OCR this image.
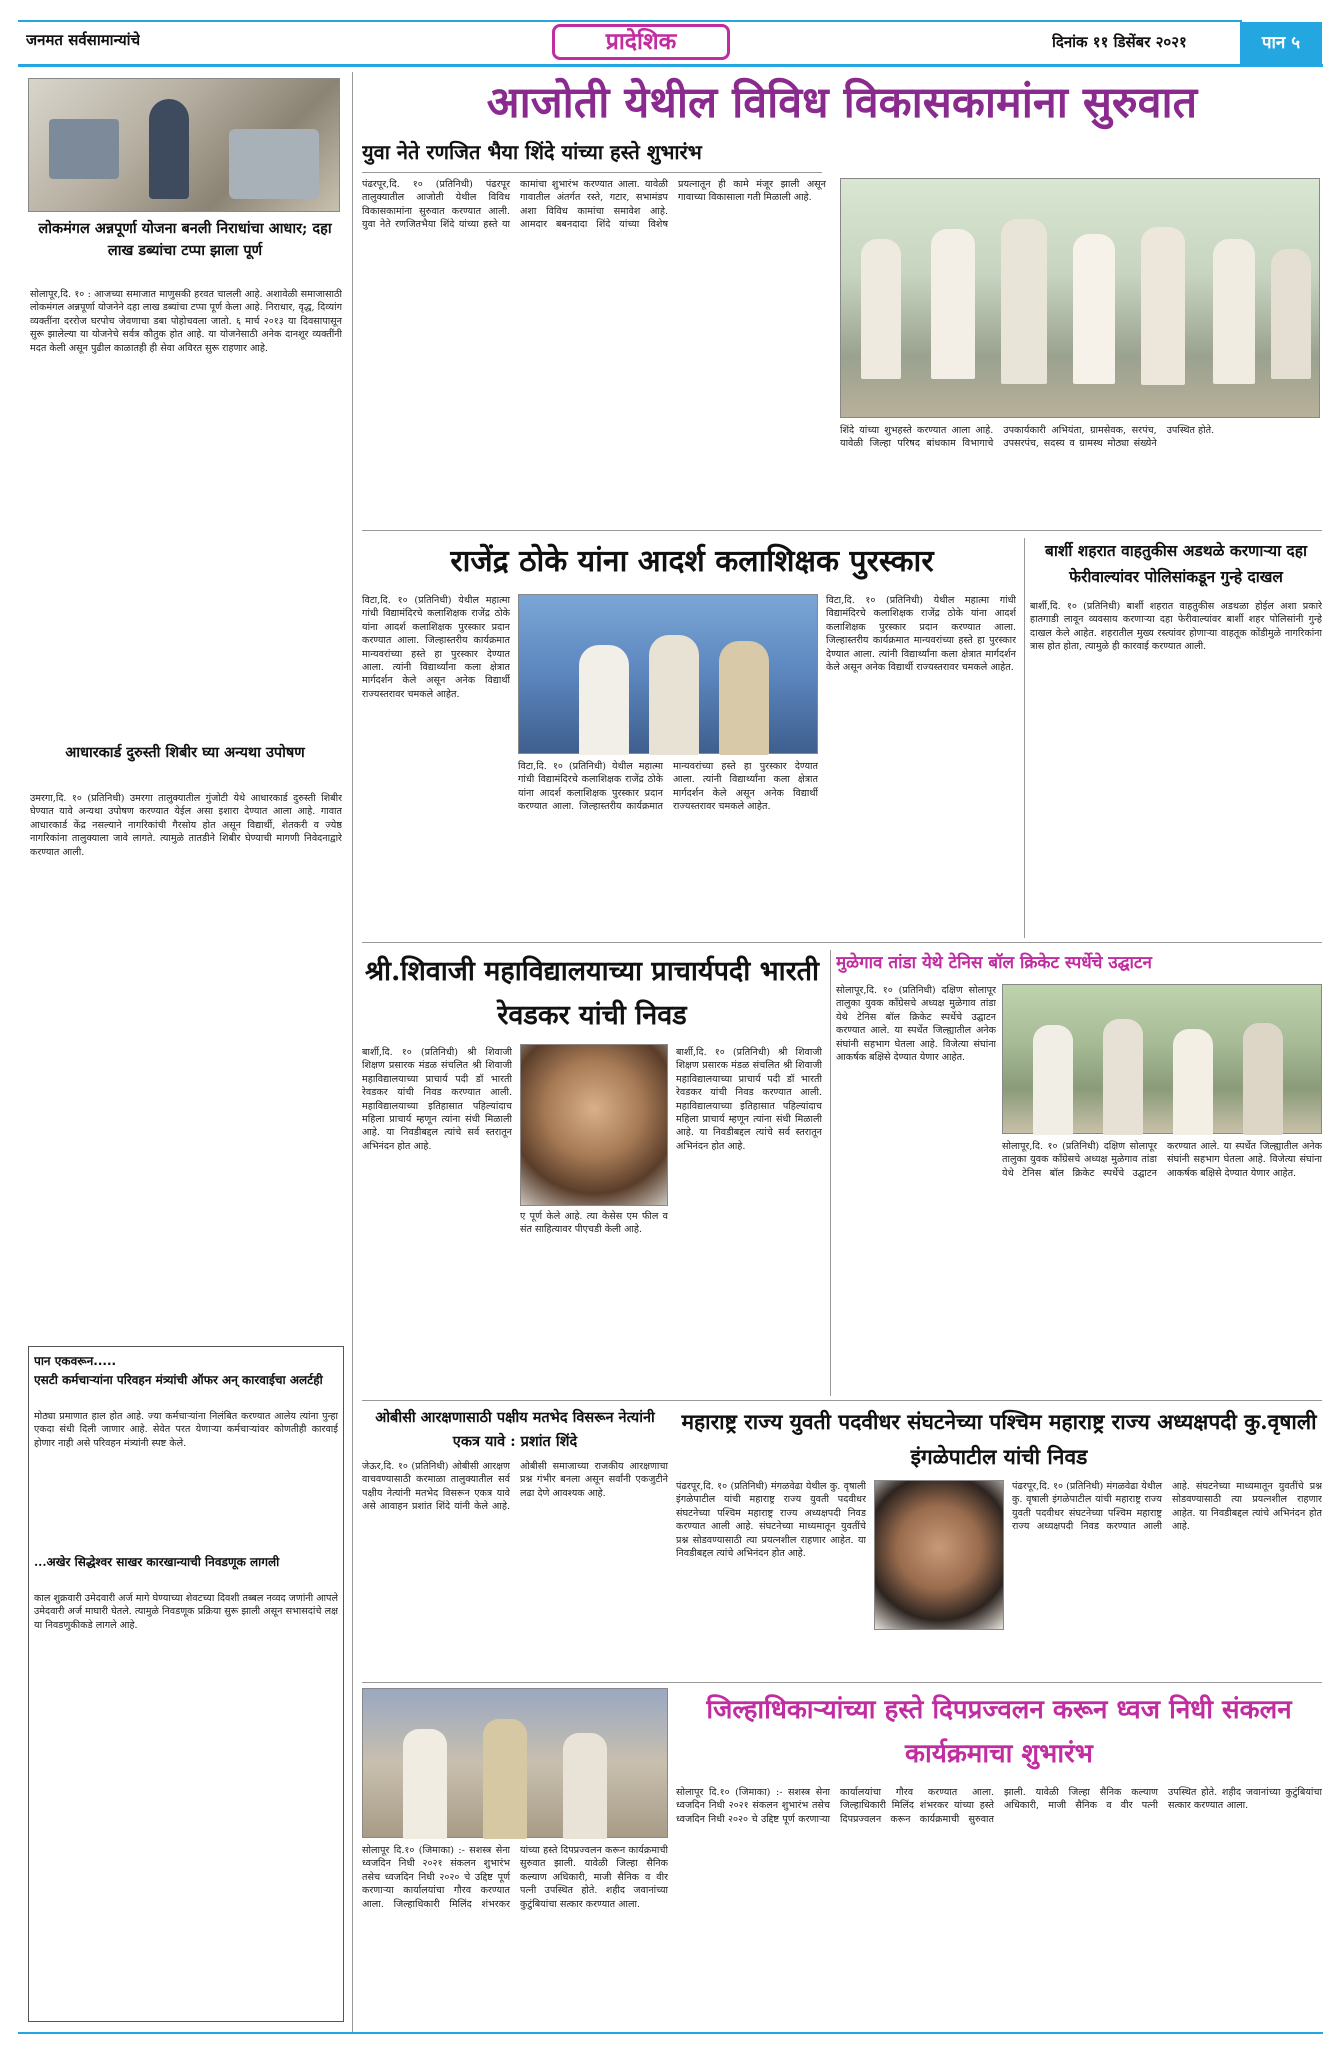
जनमत सर्वसामान्यांचे	प्रादेशिक	दिनांक ११ डिसेंबर २०२१	पान ५
लोकमंगल अन्नपूर्णा योजना बनली निराधांचा आधार; दहा लाख डब्यांचा टप्पा झाला पूर्ण
सोलापूर,दि. १० : आजच्या समाजात माणुसकी हरवत चालली आहे. अशावेळी समाजासाठी लोकमंगल अन्नपूर्णा योजनेने दहा लाख डब्यांचा टप्पा पूर्ण केला आहे. निराधार, वृद्ध, दिव्यांग व्यक्तींना दररोज घरपोच जेवणाचा डबा पोहोचवला जातो. ६ मार्च २०१३ या दिवसापासून सुरू झालेल्या या योजनेचे सर्वत्र कौतुक होत आहे. या योजनेसाठी अनेक दानशूर व्यक्तींनी मदत केली असून पुढील काळातही ही सेवा अविरत सुरू राहणार आहे.
आधारकार्ड दुरुस्ती शिबीर घ्या अन्यथा उपोषण
उमरगा,दि. १० (प्रतिनिधी) उमरगा तालुक्यातील गुंजोटी येथे आधारकार्ड दुरुस्ती शिबीर घेण्यात यावे अन्यथा उपोषण करण्यात येईल असा इशारा देण्यात आला आहे. गावात आधारकार्ड केंद्र नसल्याने नागरिकांची गैरसोय होत असून विद्यार्थी, शेतकरी व ज्येष्ठ नागरिकांना तालुक्याला जावे लागते. त्यामुळे तातडीने शिबीर घेण्याची मागणी निवेदनाद्वारे करण्यात आली.
पान एकवरून.....
एसटी कर्मचाऱ्यांना परिवहन मंत्र्यांची ऑफर अन् कारवाईचा अलर्टही
मोठ्या प्रमाणात हाल होत आहे. ज्या कर्मचाऱ्यांना निलंबित करण्यात आलेय त्यांना पुन्हा एकदा संधी दिली जाणार आहे. सेवेत परत येणाऱ्या कर्मचाऱ्यांवर कोणतीही कारवाई होणार नाही असे परिवहन मंत्र्यांनी स्पष्ट केले.
...अखेर सिद्धेश्वर साखर कारखान्याची निवडणूक लागली
काल शुक्रवारी उमेदवारी अर्ज मागे घेण्याच्या शेवटच्या दिवशी तब्बल नव्वद जणांनी आपले उमेदवारी अर्ज माघारी घेतले. त्यामुळे निवडणूक प्रक्रिया सुरू झाली असून सभासदांचे लक्ष या निवडणुकीकडे लागले आहे.
आजोती येथील विविध विकासकामांना सुरुवात
युवा नेते रणजित भैया शिंदे यांच्या हस्ते शुभारंभ
पंढरपूर,दि. १० (प्रतिनिधी) पंढरपूर तालुक्यातील आजोती येथील विविध विकासकामांना सुरुवात करण्यात आली. युवा नेते रणजितभैया शिंदे यांच्या हस्ते या कामांचा शुभारंभ करण्यात आला. यावेळी गावातील अंतर्गत रस्ते, गटार, सभामंडप अशा विविध कामांचा समावेश आहे. आमदार बबनदादा शिंदे यांच्या विशेष प्रयत्नातून ही कामे मंजूर झाली असून गावाच्या विकासाला गती मिळाली आहे.
शिंदे यांच्या शुभहस्ते करण्यात आला आहे. यावेळी जिल्हा परिषद बांधकाम विभागाचे उपकार्यकारी अभियंता, ग्रामसेवक, सरपंच, उपसरपंच, सदस्य व ग्रामस्थ मोठ्या संख्येने उपस्थित होते.
राजेंद्र ठोके यांना आदर्श कलाशिक्षक पुरस्कार
विटा,दि. १० (प्रतिनिधी) येथील महात्मा गांधी विद्यामंदिरचे कलाशिक्षक राजेंद्र ठोके यांना आदर्श कलाशिक्षक पुरस्कार प्रदान करण्यात आला. जिल्हास्तरीय कार्यक्रमात मान्यवरांच्या हस्ते हा पुरस्कार देण्यात आला. त्यांनी विद्यार्थ्यांना कला क्षेत्रात मार्गदर्शन केले असून अनेक विद्यार्थी राज्यस्तरावर चमकले आहेत.
विटा,दि. १० (प्रतिनिधी) येथील महात्मा गांधी विद्यामंदिरचे कलाशिक्षक राजेंद्र ठोके यांना आदर्श कलाशिक्षक पुरस्कार प्रदान करण्यात आला. जिल्हास्तरीय कार्यक्रमात मान्यवरांच्या हस्ते हा पुरस्कार देण्यात आला. त्यांनी विद्यार्थ्यांना कला क्षेत्रात मार्गदर्शन केले असून अनेक विद्यार्थी राज्यस्तरावर चमकले आहेत.
विटा,दि. १० (प्रतिनिधी) येथील महात्मा गांधी विद्यामंदिरचे कलाशिक्षक राजेंद्र ठोके यांना आदर्श कलाशिक्षक पुरस्कार प्रदान करण्यात आला. जिल्हास्तरीय कार्यक्रमात मान्यवरांच्या हस्ते हा पुरस्कार देण्यात आला. त्यांनी विद्यार्थ्यांना कला क्षेत्रात मार्गदर्शन केले असून अनेक विद्यार्थी राज्यस्तरावर चमकले आहेत.
बार्शी शहरात वाहतुकीस अडथळे करणाऱ्या दहा फेरीवाल्यांवर पोलिसांकडून गुन्हे दाखल
बार्शी,दि. १० (प्रतिनिधी) बार्शी शहरात वाहतुकीस अडथळा होईल अशा प्रकारे हातगाडी लावून व्यवसाय करणाऱ्या दहा फेरीवाल्यांवर बार्शी शहर पोलिसांनी गुन्हे दाखल केले आहेत. शहरातील मुख्य रस्त्यांवर होणाऱ्या वाहतूक कोंडीमुळे नागरिकांना त्रास होत होता, त्यामुळे ही कारवाई करण्यात आली.
श्री.शिवाजी महाविद्यालयाच्या प्राचार्यपदी भारती रेवडकर यांची निवड
बार्शी,दि. १० (प्रतिनिधी) श्री शिवाजी शिक्षण प्रसारक मंडळ संचलित श्री शिवाजी महाविद्यालयाच्या प्राचार्य पदी डॉ भारती रेवडकर यांची निवड करण्यात आली. महाविद्यालयाच्या इतिहासात पहिल्यांदाच महिला प्राचार्य म्हणून त्यांना संधी मिळाली आहे. या निवडीबद्दल त्यांचे सर्व स्तरातून अभिनंदन होत आहे.
ए पूर्ण केले आहे. त्या केसेस एम फील व संत साहित्यावर पीएचडी केली आहे.
बार्शी,दि. १० (प्रतिनिधी) श्री शिवाजी शिक्षण प्रसारक मंडळ संचलित श्री शिवाजी महाविद्यालयाच्या प्राचार्य पदी डॉ भारती रेवडकर यांची निवड करण्यात आली. महाविद्यालयाच्या इतिहासात पहिल्यांदाच महिला प्राचार्य म्हणून त्यांना संधी मिळाली आहे. या निवडीबद्दल त्यांचे सर्व स्तरातून अभिनंदन होत आहे.
मुळेगाव तांडा येथे टेनिस बॉल क्रिकेट स्पर्धेचे उद्घाटन
सोलापूर,दि. १० (प्रतिनिधी) दक्षिण सोलापूर तालुका युवक काँग्रेसचे अध्यक्ष मुळेगाव तांडा येथे टेनिस बॉल क्रिकेट स्पर्धेचे उद्घाटन करण्यात आले. या स्पर्धेत जिल्ह्यातील अनेक संघांनी सहभाग घेतला आहे. विजेत्या संघांना आकर्षक बक्षिसे देण्यात येणार आहेत.
सोलापूर,दि. १० (प्रतिनिधी) दक्षिण सोलापूर तालुका युवक काँग्रेसचे अध्यक्ष मुळेगाव तांडा येथे टेनिस बॉल क्रिकेट स्पर्धेचे उद्घाटन करण्यात आले. या स्पर्धेत जिल्ह्यातील अनेक संघांनी सहभाग घेतला आहे. विजेत्या संघांना आकर्षक बक्षिसे देण्यात येणार आहेत.
ओबीसी आरक्षणासाठी पक्षीय मतभेद विसरून नेत्यांनी एकत्र यावे : प्रशांत शिंदे
जेऊर,दि. १० (प्रतिनिधी) ओबीसी आरक्षण वाचवण्यासाठी करमाळा तालुक्यातील सर्व पक्षीय नेत्यांनी मतभेद विसरून एकत्र यावे असे आवाहन प्रशांत शिंदे यांनी केले आहे. ओबीसी समाजाच्या राजकीय आरक्षणाचा प्रश्न गंभीर बनला असून सर्वांनी एकजुटीने लढा देणे आवश्यक आहे.
महाराष्ट्र राज्य युवती पदवीधर संघटनेच्या पश्चिम महाराष्ट्र राज्य अध्यक्षपदी कु.वृषाली इंगळेपाटील यांची निवड
पंढरपूर,दि. १० (प्रतिनिधी) मंगळवेढा येथील कु. वृषाली इंगळेपाटील यांची महाराष्ट्र राज्य युवती पदवीधर संघटनेच्या पश्चिम महाराष्ट्र राज्य अध्यक्षपदी निवड करण्यात आली आहे. संघटनेच्या माध्यमातून युवतींचे प्रश्न सोडवण्यासाठी त्या प्रयत्नशील राहणार आहेत. या निवडीबद्दल त्यांचे अभिनंदन होत आहे.
पंढरपूर,दि. १० (प्रतिनिधी) मंगळवेढा येथील कु. वृषाली इंगळेपाटील यांची महाराष्ट्र राज्य युवती पदवीधर संघटनेच्या पश्चिम महाराष्ट्र राज्य अध्यक्षपदी निवड करण्यात आली आहे. संघटनेच्या माध्यमातून युवतींचे प्रश्न सोडवण्यासाठी त्या प्रयत्नशील राहणार आहेत. या निवडीबद्दल त्यांचे अभिनंदन होत आहे.
सोलापूर दि.१० (जिमाका) :- सशस्त्र सेना ध्वजदिन निधी २०२१ संकलन शुभारंभ तसेच ध्वजदिन निधी २०२० चे उद्दिष्ट पूर्ण करणाऱ्या कार्यालयांचा गौरव करण्यात आला. जिल्हाधिकारी मिलिंद शंभरकर यांच्या हस्ते दिपप्रज्वलन करून कार्यक्रमाची सुरुवात झाली. यावेळी जिल्हा सैनिक कल्याण अधिकारी, माजी सैनिक व वीर पत्नी उपस्थित होते. शहीद जवानांच्या कुटुंबियांचा सत्कार करण्यात आला.
जिल्हाधिकाऱ्यांच्या हस्ते दिपप्रज्वलन करून ध्वज निधी संकलन कार्यक्रमाचा शुभारंभ
सोलापूर दि.१० (जिमाका) :- सशस्त्र सेना ध्वजदिन निधी २०२१ संकलन शुभारंभ तसेच ध्वजदिन निधी २०२० चे उद्दिष्ट पूर्ण करणाऱ्या कार्यालयांचा गौरव करण्यात आला. जिल्हाधिकारी मिलिंद शंभरकर यांच्या हस्ते दिपप्रज्वलन करून कार्यक्रमाची सुरुवात झाली. यावेळी जिल्हा सैनिक कल्याण अधिकारी, माजी सैनिक व वीर पत्नी उपस्थित होते. शहीद जवानांच्या कुटुंबियांचा सत्कार करण्यात आला.
